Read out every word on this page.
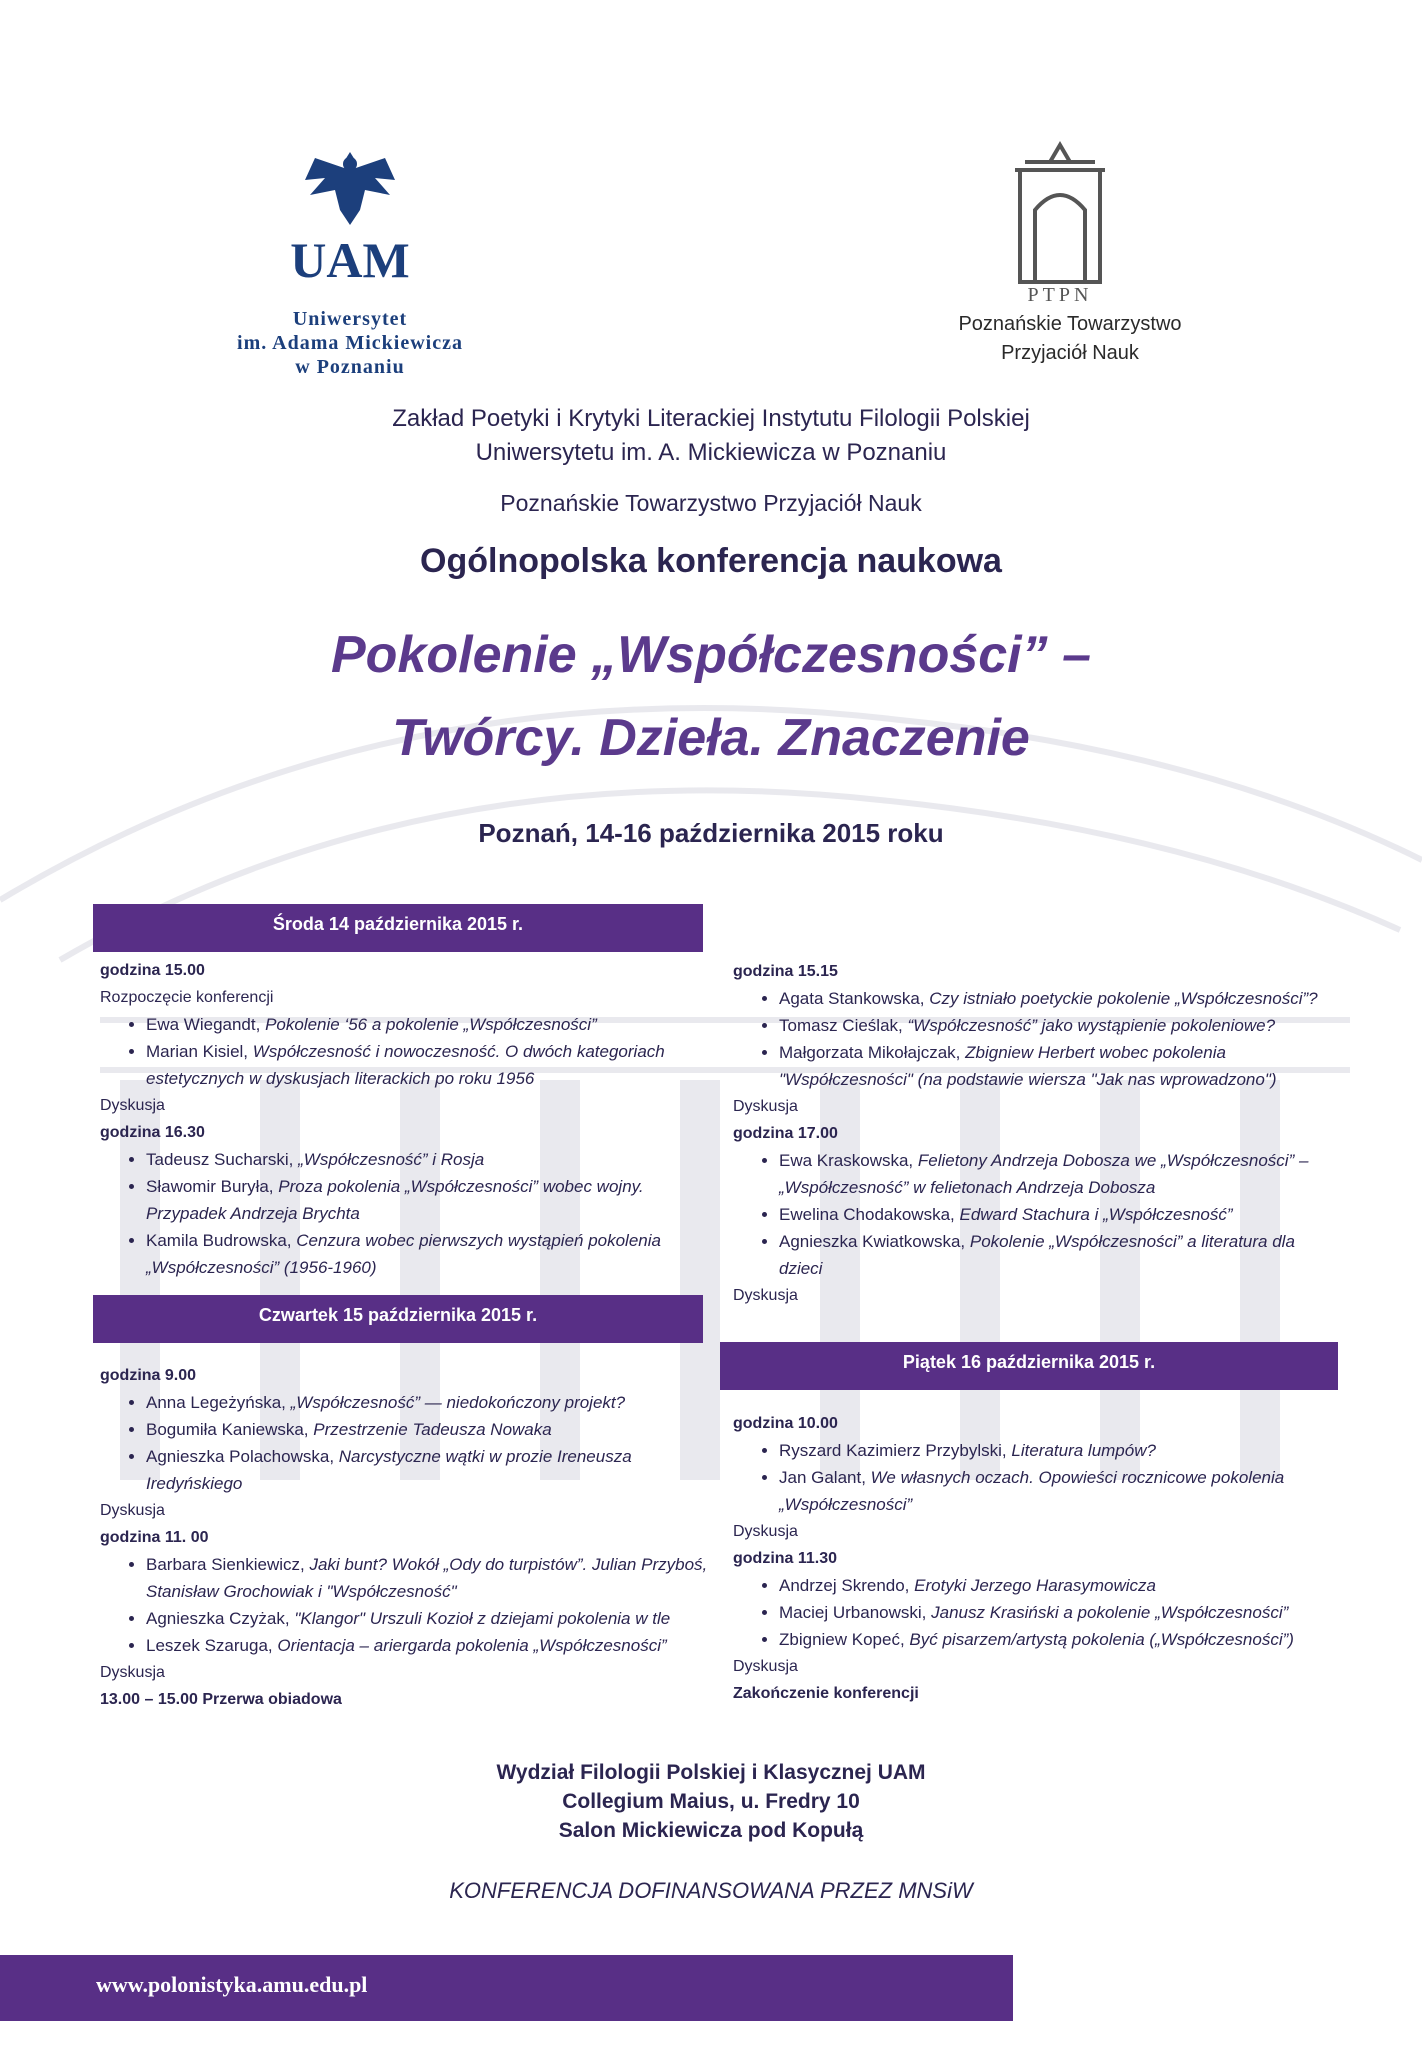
UAM
Uniwersytet
im. Adama Mickiewicza
w Poznaniu
PTPN
Poznańskie Towarzystwo
Przyjaciół Nauk
Zakład Poetyki i Krytyki Literackiej Instytutu Filologii Polskiej
Uniwersytetu im. A. Mickiewicza w Poznaniu
Poznańskie Towarzystwo Przyjaciół Nauk
Ogólnopolska konferencja naukowa
Pokolenie „Współczesności” –
Twórcy. Dzieła. Znaczenie
Poznań, 14-16 października 2015 roku
Środa 14 października 2015 r.
Czwartek 15 października 2015 r.
Piątek 16 października 2015 r.
godzina 15.00
Rozpoczęcie konferencji
• Ewa Wiegandt, Pokolenie ‘56 a pokolenie „Współczesności”
• Marian Kisiel, Współczesność i nowoczesność. O dwóch kategoriach estetycznych w dyskusjach literackich po roku 1956
Dyskusja
godzina 16.30
• Tadeusz Sucharski, „Współczesność” i Rosja
• Sławomir Buryła, Proza pokolenia „Współczesności” wobec wojny. Przypadek Andrzeja Brychta
• Kamila Budrowska, Cenzura wobec pierwszych wystąpień pokolenia „Współczesności” (1956-1960)
godzina 15.15
• Agata Stankowska, Czy istniało poetyckie pokolenie „Współczesności”?
• Tomasz Cieślak, “Współczesność” jako wystąpienie pokoleniowe?
• Małgorzata Mikołajczak, Zbigniew Herbert wobec pokolenia "Współczesności" (na podstawie wiersza "Jak nas wprowadzono")
Dyskusja
godzina 17.00
• Ewa Kraskowska, Felietony Andrzeja Dobosza we „Współczesności” – „Współczesność” w felietonach Andrzeja Dobosza
• Ewelina Chodakowska, Edward Stachura i „Współczesność”
• Agnieszka Kwiatkowska, Pokolenie „Współczesności” a literatura dla dzieci
Dyskusja
godzina 9.00
• Anna Legeżyńska, „Współczesność” — niedokończony projekt?
• Bogumiła Kaniewska, Przestrzenie Tadeusza Nowaka
• Agnieszka Polachowska, Narcystyczne wątki w prozie Ireneusza Iredyńskiego
Dyskusja
godzina 11. 00
• Barbara Sienkiewicz, Jaki bunt? Wokół „Ody do turpistów”. Julian Przyboś, Stanisław Grochowiak i "Współczesność"
• Agnieszka Czyżak, "Klangor" Urszuli Kozioł z dziejami pokolenia w tle
• Leszek Szaruga, Orientacja – ariergarda pokolenia „Współczesności”
Dyskusja
13.00 – 15.00 Przerwa obiadowa
godzina 10.00
• Ryszard Kazimierz Przybylski, Literatura lumpów?
• Jan Galant, We własnych oczach. Opowieści rocznicowe pokolenia „Współczesności”
Dyskusja
godzina 11.30
• Andrzej Skrendo, Erotyki Jerzego Harasymowicza
• Maciej Urbanowski, Janusz Krasiński a pokolenie „Współczesności”
• Zbigniew Kopeć, Być pisarzem/artystą pokolenia („Współczesności”)
Dyskusja
Zakończenie konferencji
Wydział Filologii Polskiej i Klasycznej UAM
Collegium Maius, u. Fredry 10
Salon Mickiewicza pod Kopułą
KONFERENCJA DOFINANSOWANA PRZEZ MNSiW
www.polonistyka.amu.edu.pl
